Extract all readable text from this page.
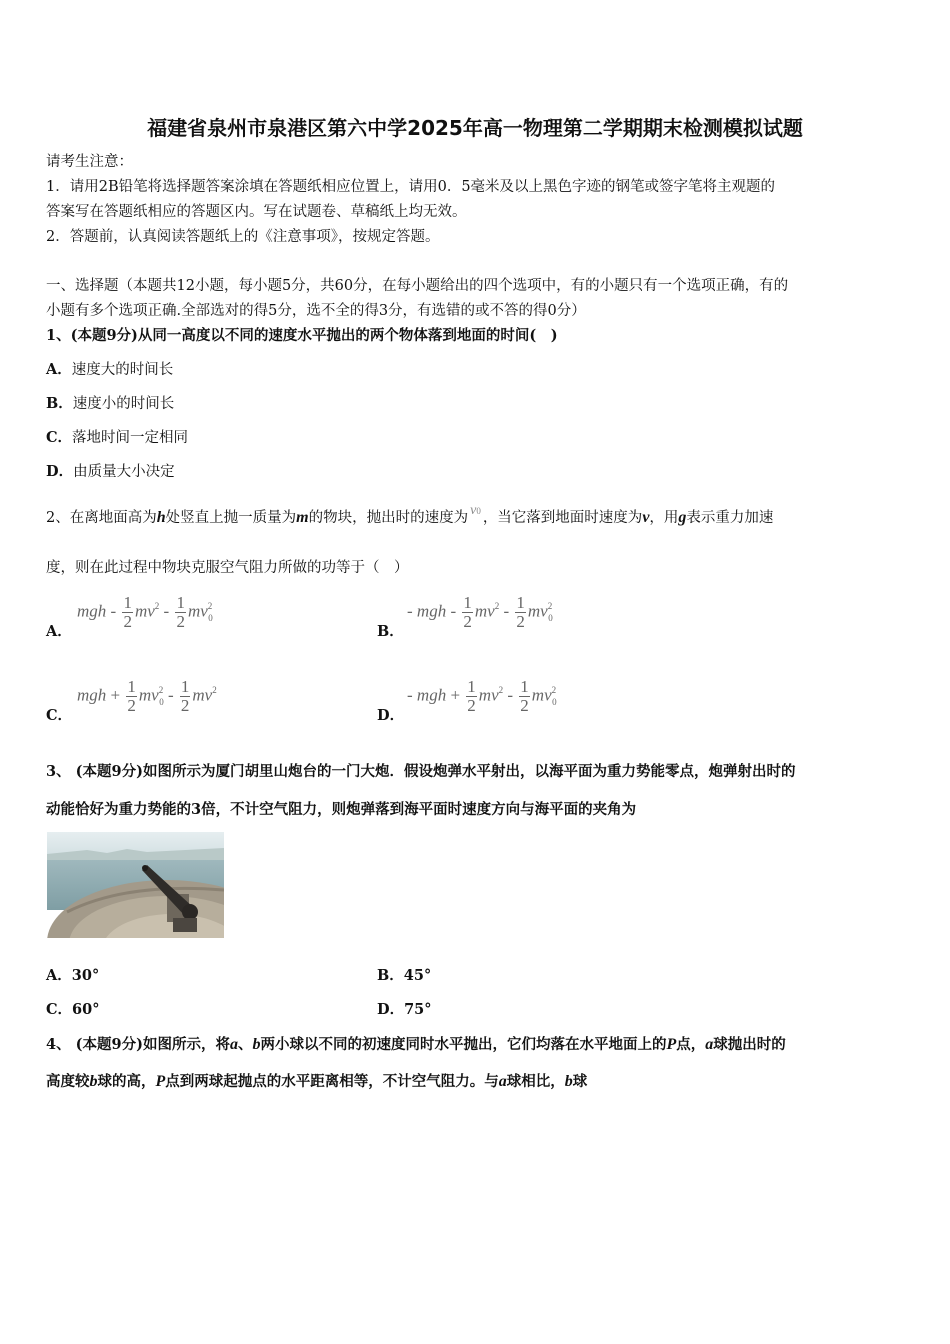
福建省泉州市泉港区第六中学2025年高一物理第二学期期末检测模拟试题
请考生注意：
1．请用2B铅笔将选择题答案涂填在答题纸相应位置上，请用0．5毫米及以上黑色字迹的钢笔或签字笔将主观题的
答案写在答题纸相应的答题区内。写在试题卷、草稿纸上均无效。
2．答题前，认真阅读答题纸上的《注意事项》，按规定答题。
一、选择题（本题共12小题，每小题5分，共60分，在每小题给出的四个选项中，有的小题只有一个选项正确，有的
小题有多个选项正确.全部选对的得5分，选不全的得3分，有选错的或不答的得0分）
1、(本题9分)从同一高度以不同的速度水平抛出的两个物体落到地面的时间(　)
A．速度大的时间长
B．速度小的时间长
C．落地时间一定相同
D．由质量大小决定
2、在离地面高为h处竖直上抛一质量为m的物块，抛出时的速度为 v0 ，当它落到地面时速度为v，用g表示重力加速
度，则在此过程中物块克服空气阻力所做的功等于（　）
A．
mgh - $\frac{1}{2} mv^2 - \frac{1}{2} mv^2_0$
B．
- mgh - $\frac{1}{2} mv^2 - \frac{1}{2} mv^2_0$
C．
mgh + $\frac{1}{2} mv^2_0 - \frac{1}{2} mv^2$
D．
- mgh + $\frac{1}{2} mv^2 - \frac{1}{2} mv^2_0$
3、 (本题9分)如图所示为厦门胡里山炮台的一门大炮．假设炮弹水平射出，以海平面为重力势能零点，炮弹射出时的
动能恰好为重力势能的3倍，不计空气阻力，则炮弹落到海平面时速度方向与海平面的夹角为
A．30°	B．45°
C．60°	D．75°
4、 (本题9分)如图所示，将a、b两小球以不同的初速度同时水平抛出，它们均落在水平地面上的P点，a球抛出时的
高度较b球的高，P点到两球起抛点的水平距离相等，不计空气阻力。与a球相比，b球
